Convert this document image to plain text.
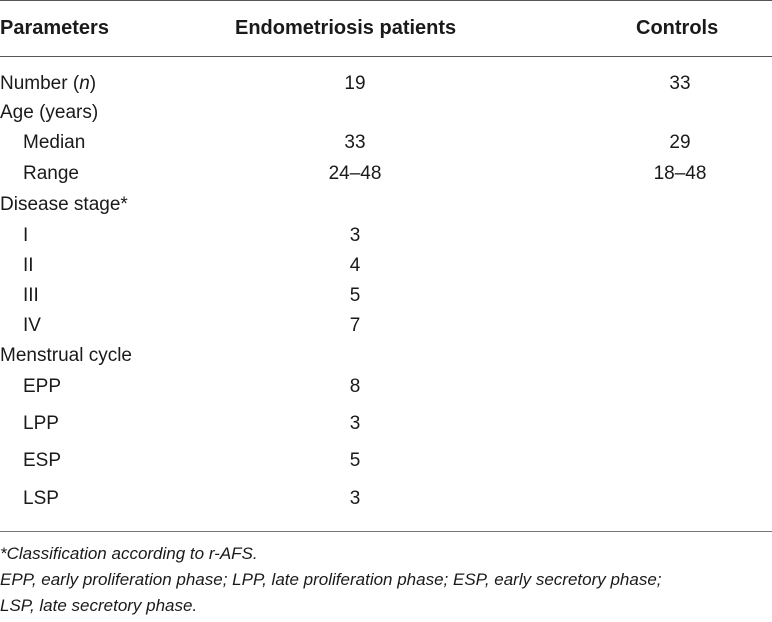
Parameters	Endometriosis patients	Controls
Number (n)	19	33
Age (years)
Median	33	29
Range	24–48	18–48
Disease stage*
I	3
II	4
III	5
IV	7
Menstrual cycle
EPP	8
LPP	3
ESP	5
LSP	3
*Classification according to r-AFS.
EPP, early proliferation phase; LPP, late proliferation phase; ESP, early secretory phase;
LSP, late secretory phase.
